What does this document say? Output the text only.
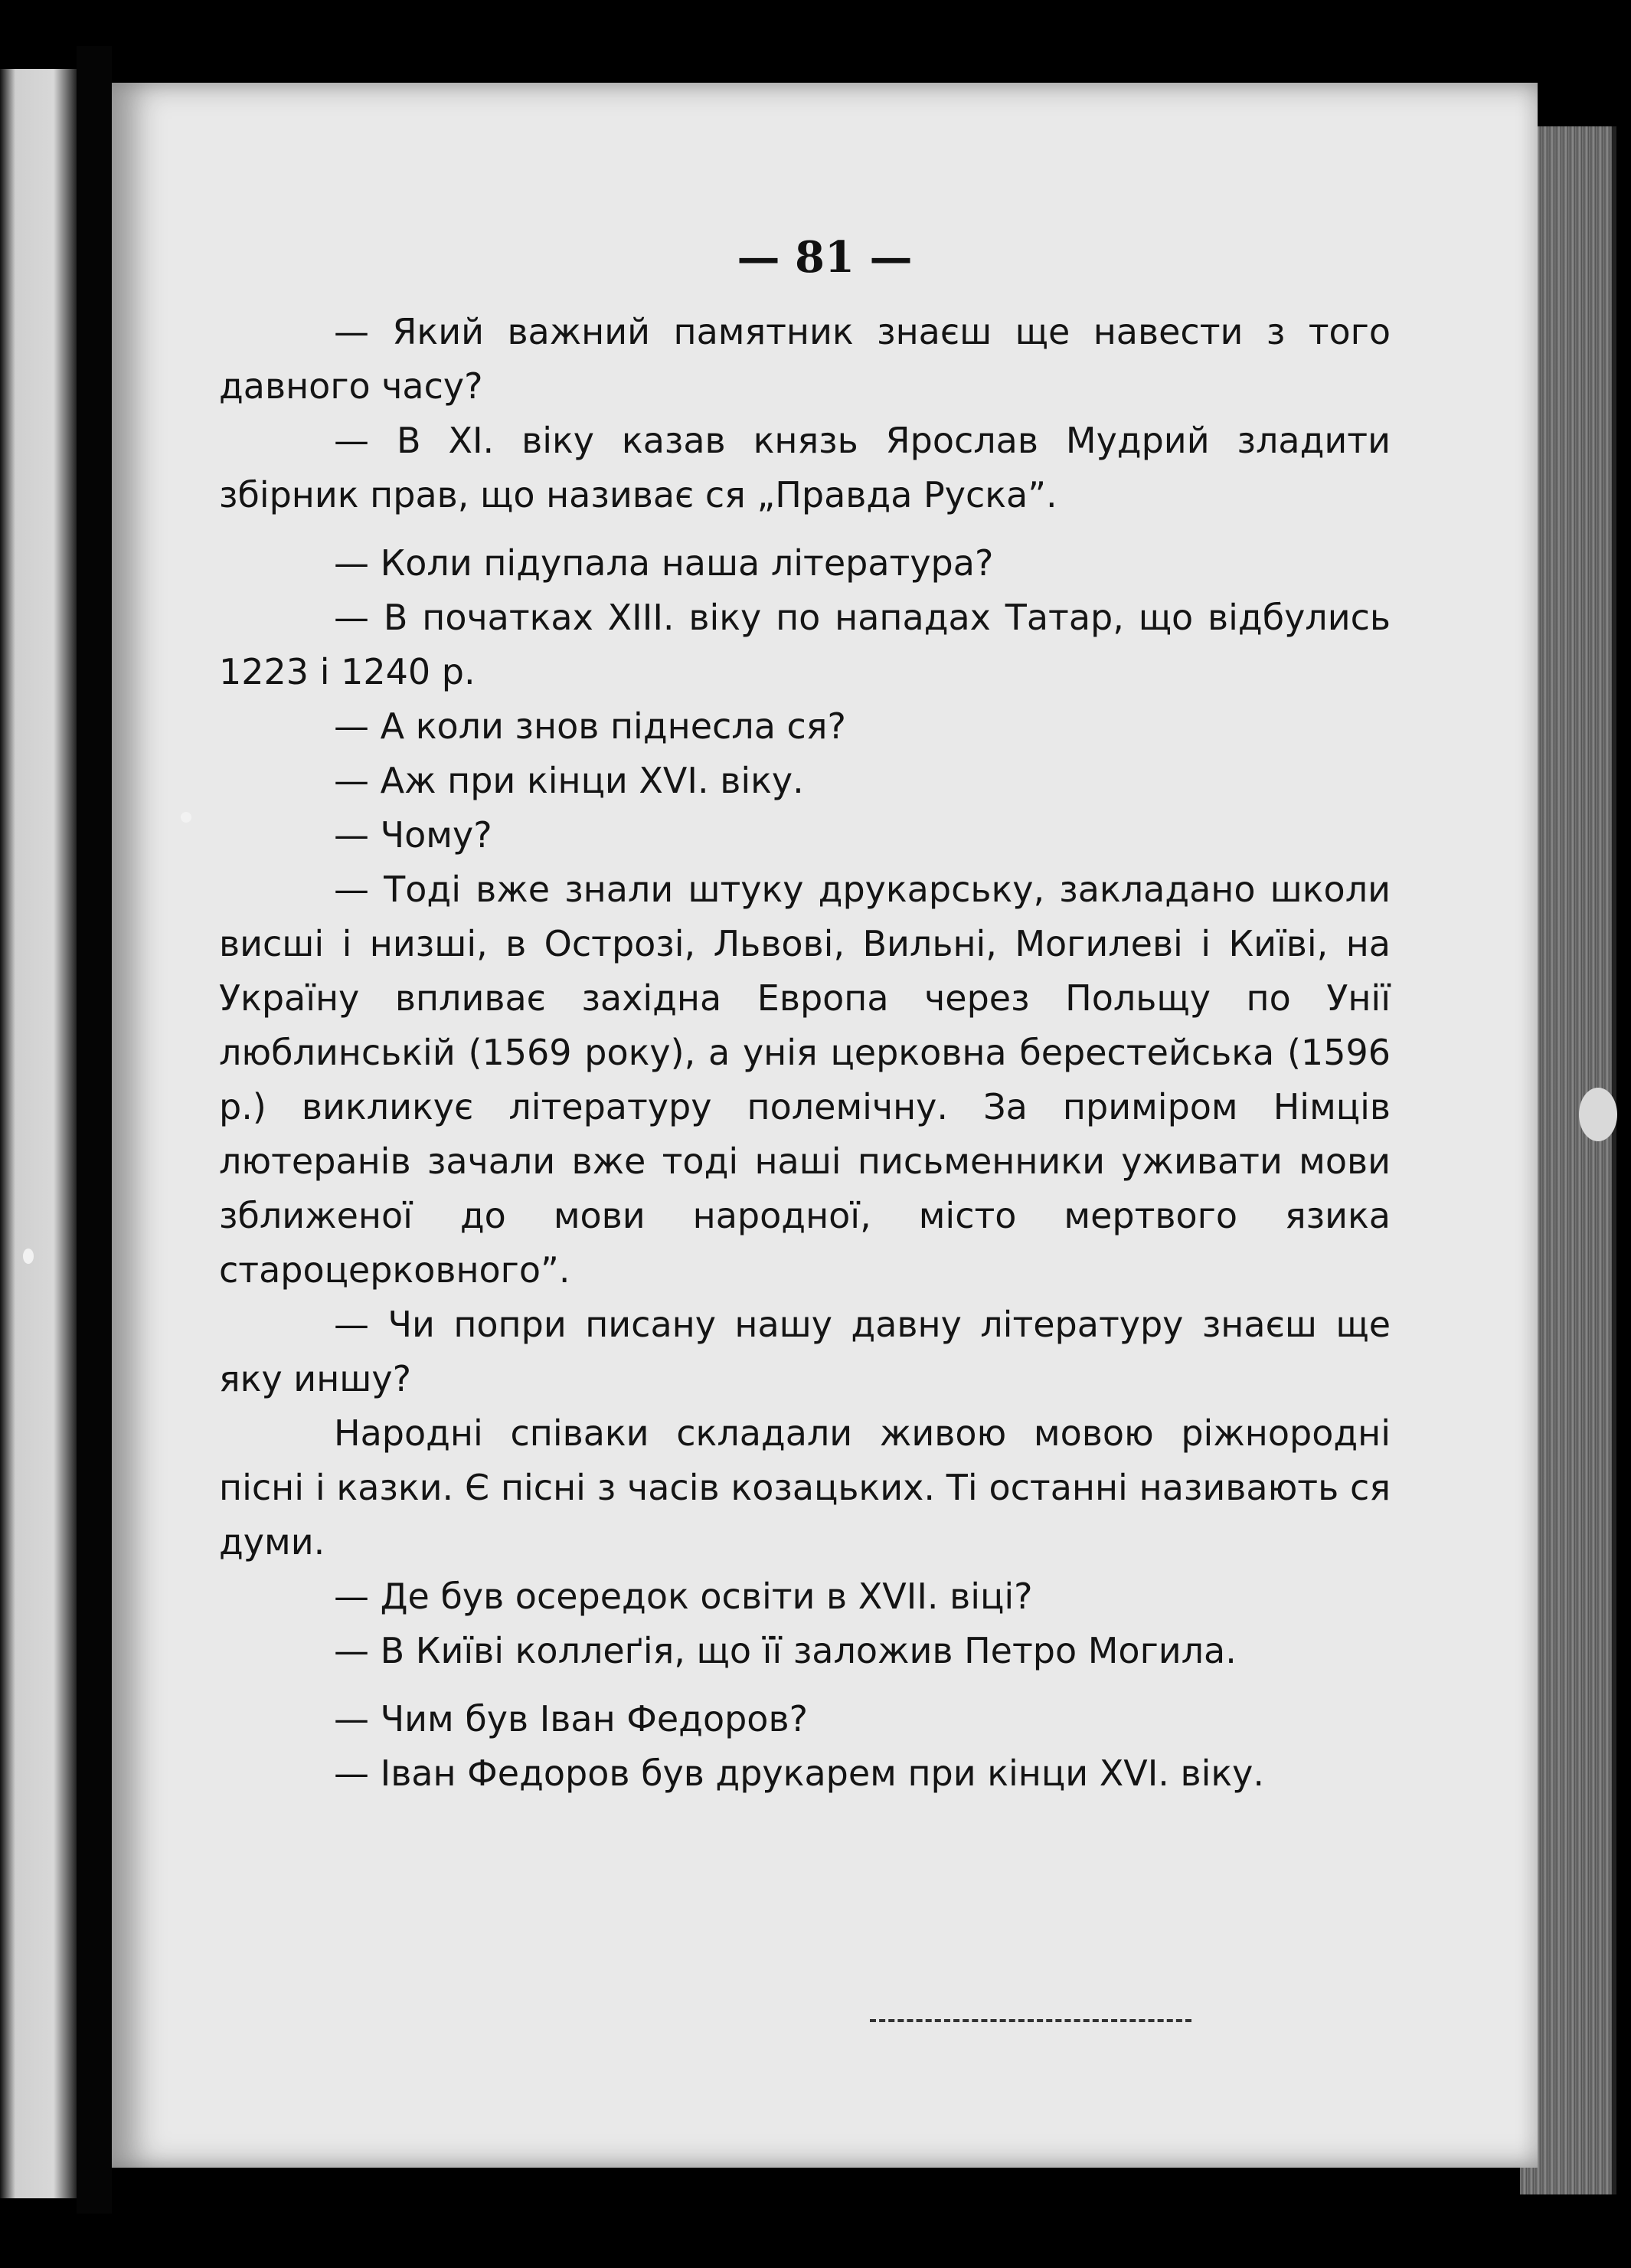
— 81 —

— Який важний памятник знаєш ще навести з того давного часу?

— В XI. віку казав князь Ярослав Мудрий зладити збірник прав, що називає ся „Правда Руска”.

— Коли підупала наша література?

— В початках XIII. віку по нападах Татар, що відбулись 1223 і 1240 р.

— А коли знов піднесла ся?

— Аж при кінци XVI. віку.

— Чому?

— Тоді вже знали штуку друкарську, закладано школи висші і низші, в Острозі, Львові, Вильні, Могилеві і Київі, на Україну впливає західна Европа через Польщу по Унії люблинській (1569 року), а унія церковна берестейська (1596 р.) викликує літературу полемічну. За приміром Німців лютеранів зачали вже тоді наші письменники уживати мови зближеної до мови народної, місто мертвого язика староцерковного”.

— Чи попри писану нашу давну літературу знаєш ще яку иншу?

Народні співаки складали живою мовою ріжнородні пісні і казки. Є пісні з часів козацьких. Ті останні називають ся думи.

— Де був осередок освіти в XVII. віці?

— В Київі коллеґія, що її заложив Петро Могила.

— Чим був Іван Федоров?

— Іван Федоров був друкарем при кінци XVI. віку.
